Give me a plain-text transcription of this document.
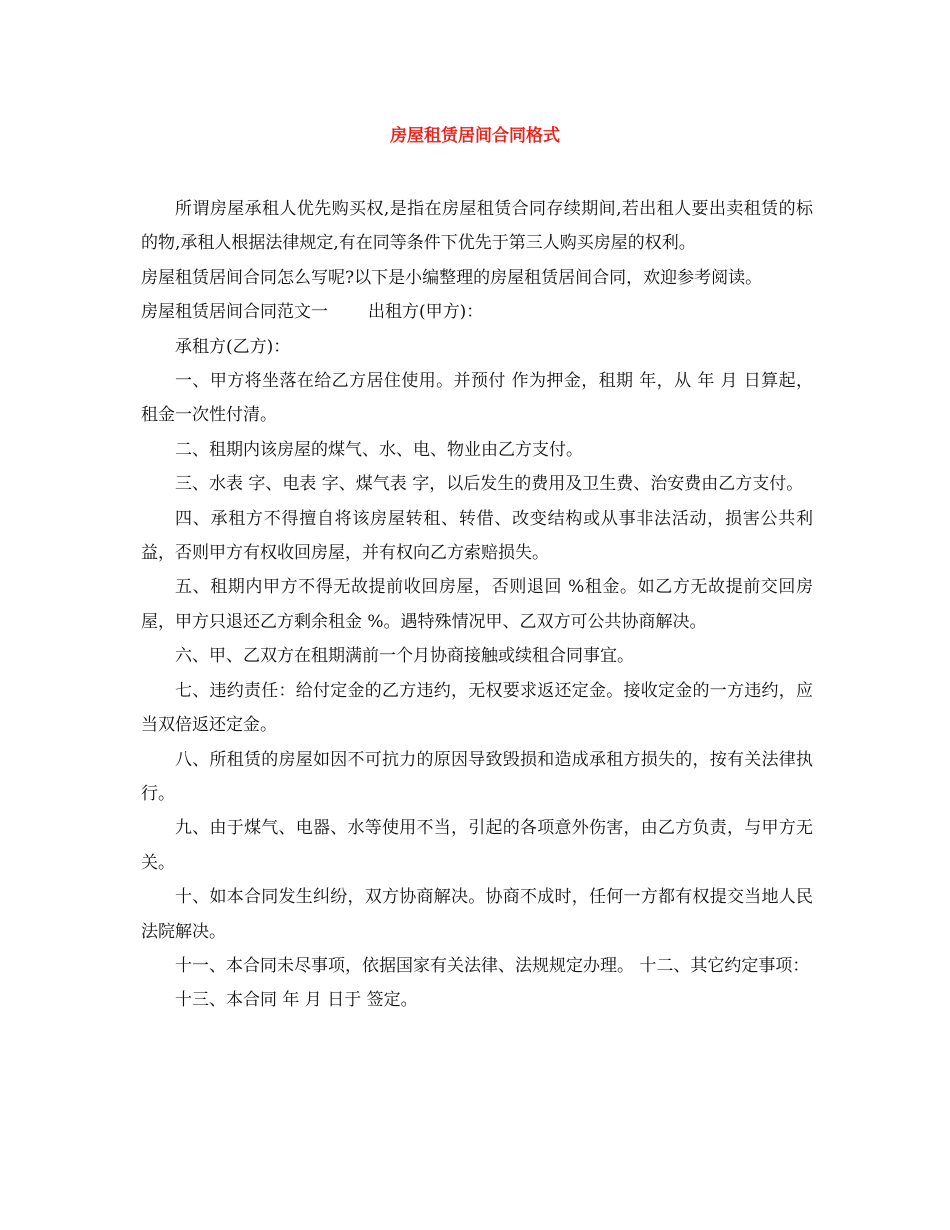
房屋租赁居间合同格式

所谓房屋承租人优先购买权,是指在房屋租赁合同存续期间,若出租人要出卖租赁的标的物,承租人根据法律规定,有在同等条件下优先于第三人购买房屋的权利。

房屋租赁居间合同怎么写呢?以下是小编整理的房屋租赁居间合同，欢迎参考阅读。

房屋租赁居间合同范文一 出租方(甲方)：

承租方(乙方)：

一、甲方将坐落在给乙方居住使用。并预付 作为押金，租期 年，从 年 月 日算起，租金一次性付清。

二、租期内该房屋的煤气、水、电、物业由乙方支付。

三、水表 字、电表 字、煤气表 字，以后发生的费用及卫生费、治安费由乙方支付。

四、承租方不得擅自将该房屋转租、转借、改变结构或从事非法活动，损害公共利益，否则甲方有权收回房屋，并有权向乙方索赔损失。

五、租期内甲方不得无故提前收回房屋，否则退回 %租金。如乙方无故提前交回房屋，甲方只退还乙方剩余租金 %。遇特殊情况甲、乙双方可公共协商解决。

六、甲、乙双方在租期满前一个月协商接触或续租合同事宜。

七、违约责任：给付定金的乙方违约，无权要求返还定金。接收定金的一方违约，应当双倍返还定金。

八、所租赁的房屋如因不可抗力的原因导致毁损和造成承租方损失的，按有关法律执行。

九、由于煤气、电器、水等使用不当，引起的各项意外伤害，由乙方负责，与甲方无关。

十、如本合同发生纠纷，双方协商解决。协商不成时，任何一方都有权提交当地人民法院解决。

十一、本合同未尽事项，依据国家有关法律、法规规定办理。 十二、其它约定事项：

十三、本合同 年 月 日于 签定。
